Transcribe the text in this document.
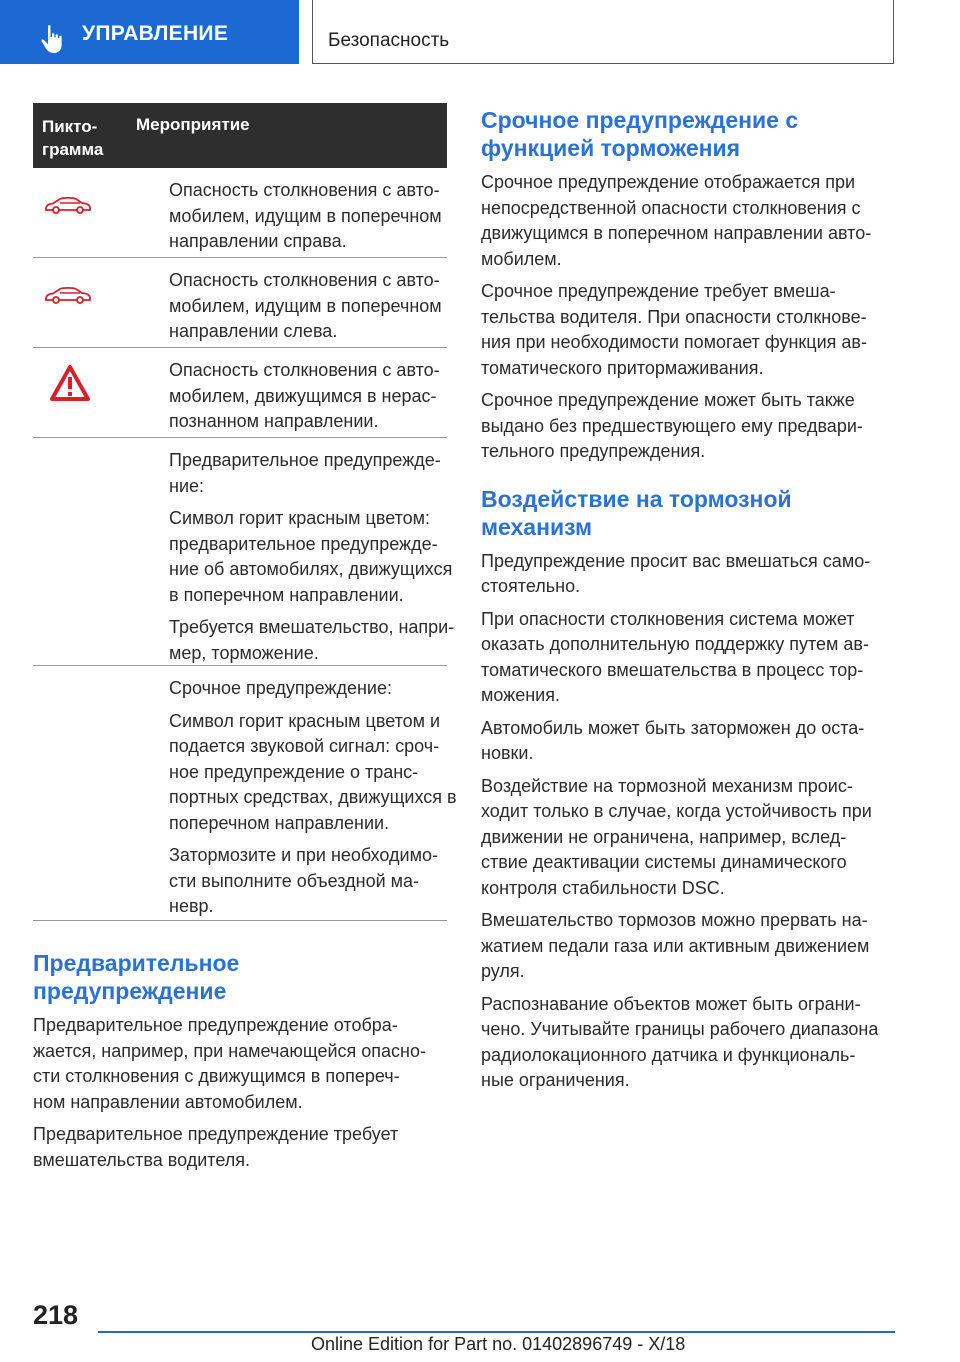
УПРАВЛЕНИЕ	Безопасность
Пикто-
грамма
Мероприятие

Опасность столкновения с авто-
мобилем, идущим в поперечном
направлении справа.

Опасность столкновения с авто-
мобилем, идущим в поперечном
направлении слева.

Опасность столкновения с авто-
мобилем, движущимся в нерас-
познанном направлении.

Предварительное предупрежде-
ние:

Символ горит красным цветом:
предварительное предупрежде-
ние об автомобилях, движущихся
в поперечном направлении.

Требуется вмешательство, напри-
мер, торможение.

Срочное предупреждение:

Символ горит красным цветом и
подается звуковой сигнал: сроч-
ное предупреждение о транс-
портных средствах, движущихся в
поперечном направлении.

Затормозите и при необходимо-
сти выполните объездной ма-
невр.

Предварительное
предупреждение

Предварительное предупреждение отобра-
жается, например, при намечающейся опасно-
сти столкновения с движущимся в попереч-
ном направлении автомобилем.

Предварительное предупреждение требует
вмешательства водителя.

Срочное предупреждение с
функцией торможения

Срочное предупреждение отображается при
непосредственной опасности столкновения с
движущимся в поперечном направлении авто-
мобилем.

Срочное предупреждение требует вмеша-
тельства водителя. При опасности столкнове-
ния при необходимости помогает функция ав-
томатического притормаживания.

Срочное предупреждение может быть также
выдано без предшествующего ему предвари-
тельного предупреждения.

Воздействие на тормозной
механизм

Предупреждение просит вас вмешаться само-
стоятельно.

При опасности столкновения система может
оказать дополнительную поддержку путем ав-
томатического вмешательства в процесс тор-
можения.

Автомобиль может быть заторможен до оста-
новки.

Воздействие на тормозной механизм проис-
ходит только в случае, когда устойчивость при
движении не ограничена, например, вслед-
ствие деактивации системы динамического
контроля стабильности DSC.

Вмешательство тормозов можно прервать на-
жатием педали газа или активным движением
руля.

Распознавание объектов может быть ограни-
чено. Учитывайте границы рабочего диапазона
радиолокационного датчика и функциональ-
ные ограничения.

218
Online Edition for Part no. 01402896749 - X/18
